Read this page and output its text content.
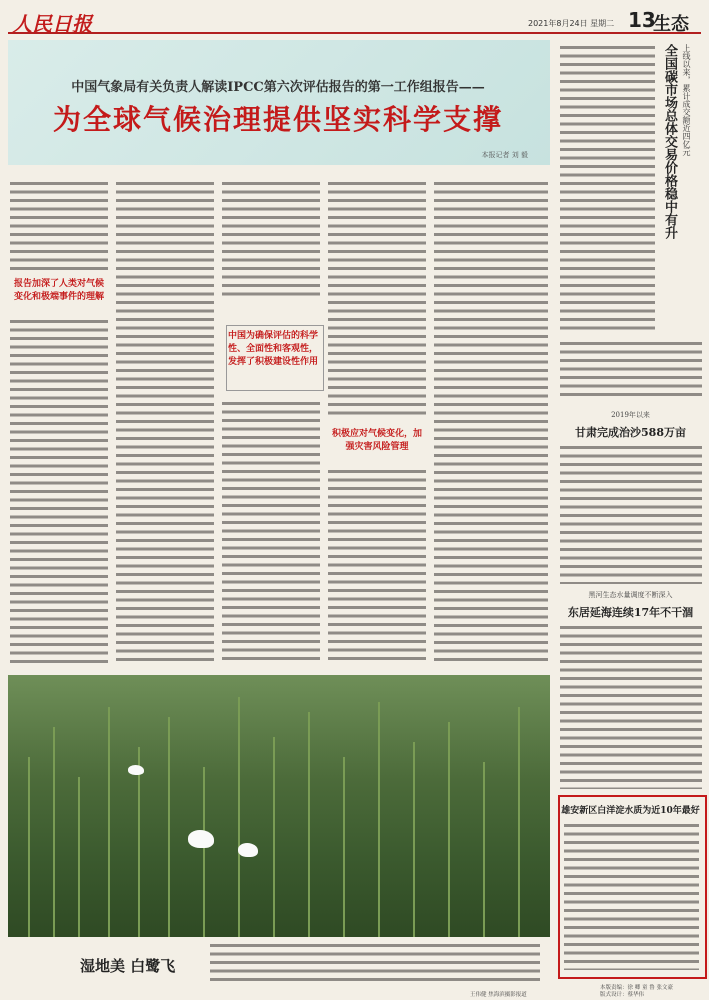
人民日报	2021年8月24日 星期二 13
生态
中国气象局有关负责人解读IPCC第六次评估报告的第一工作组报告——
为全球气候治理提供坚实科学支撑
本报记者 刘 毅
报告加深了人类对气候变化和极端事件的理解
中国为确保评估的科学性、全面性和客观性，发挥了积极建设性作用
积极应对气候变化，加强灾害风险管理
湿地美 白鹭飞
王伟健 焦海滨摄影报道
上线以来，累计成交额近四亿元
全国碳市场总体交易价格稳中有升
2019年以来
甘肃完成治沙588万亩
黑河生态水量调度不断深入
东居延海连续17年不干涸
雄安新区白洋淀水质为近10年最好
本版责编：徐 卿 童 鲁 张文豪
版式设计：蔡华伟
